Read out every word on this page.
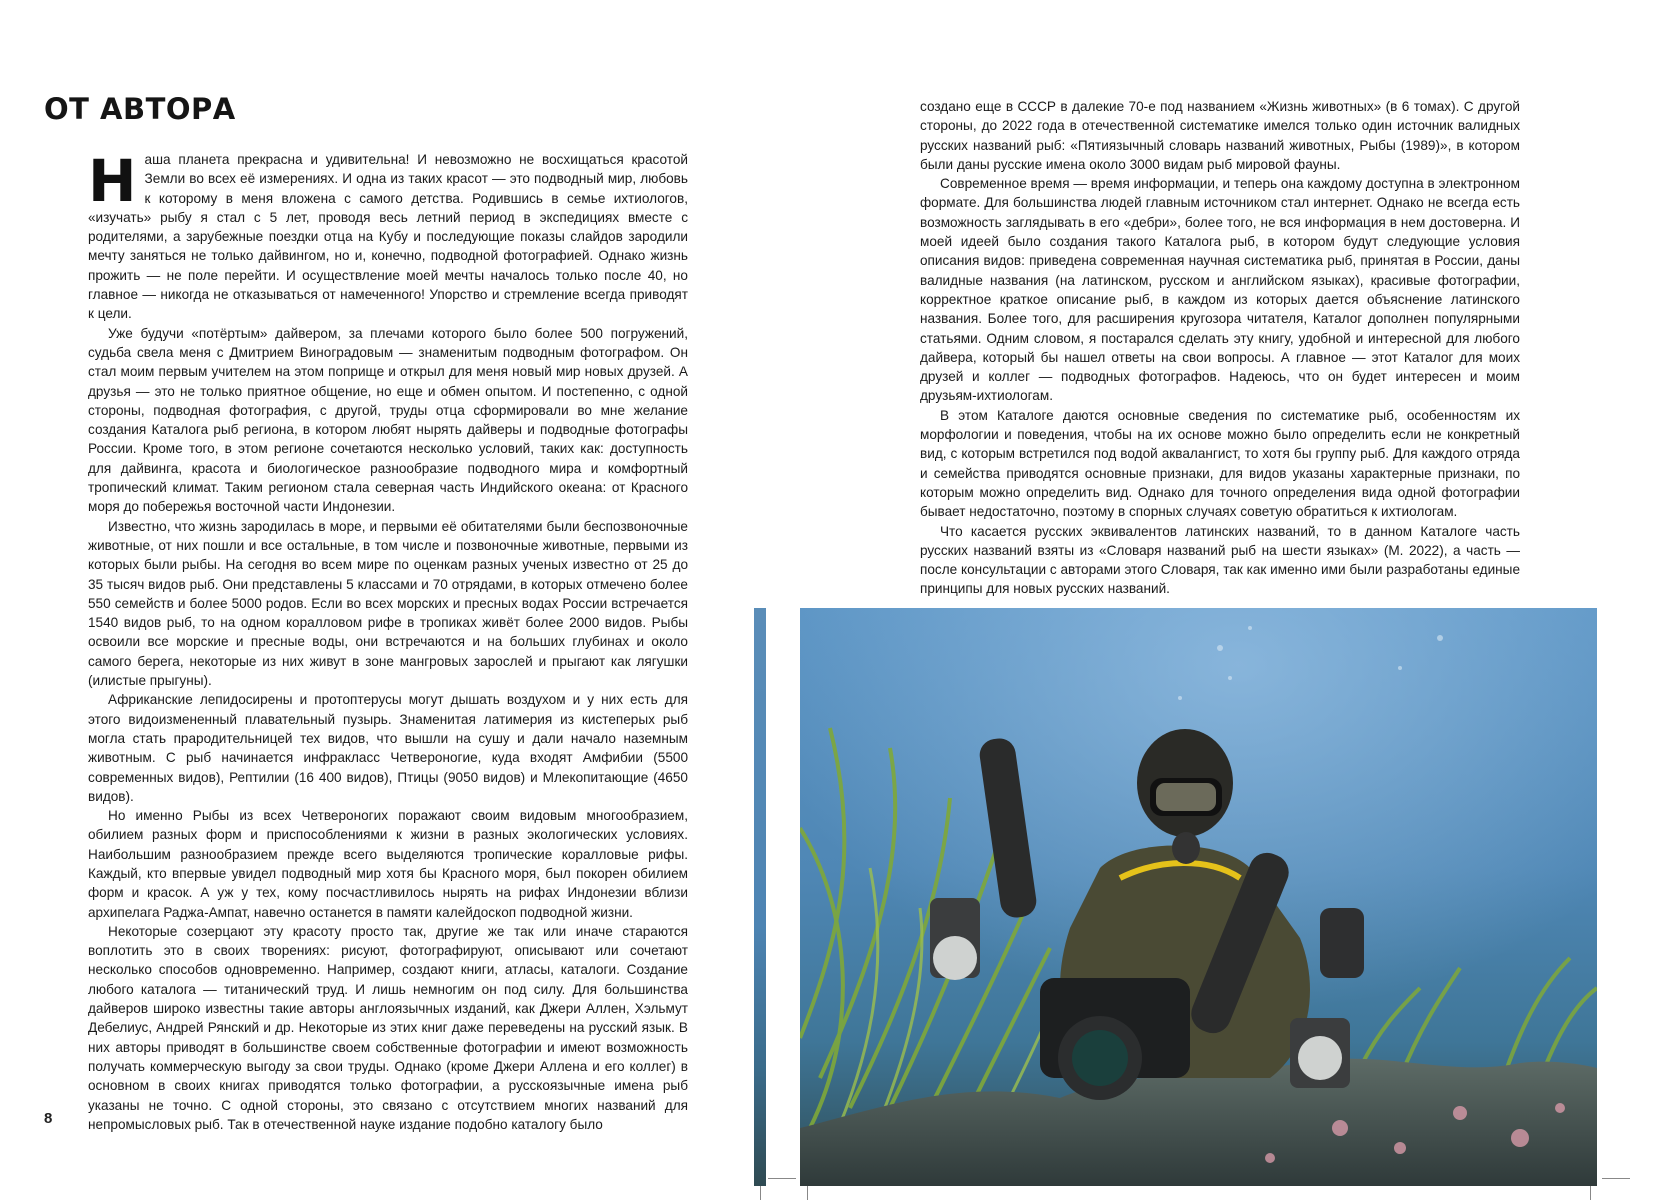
ОТ АВТОРА

Наша планета прекрасна и удивительна! И невозможно не восхищаться красотой Земли во всех её измерениях. И одна из таких красот — это подводный мир, любовь к которому в меня вложена с самого детства. Родившись в семье ихтиологов, «изучать» рыбу я стал с 5 лет, проводя весь летний период в экспедициях вместе с родителями, а зарубежные поездки отца на Кубу и последующие показы слайдов зародили мечту заняться не только дайвингом, но и, конечно, подводной фотографией. Однако жизнь прожить — не поле перейти. И осуществление моей мечты началось только после 40, но главное — никогда не отказываться от намеченного! Упорство и стремление всегда приводят к цели.

Уже будучи «потёртым» дайвером, за плечами которого было более 500 погружений, судьба свела меня с Дмитрием Виноградовым — знаменитым подводным фотографом. Он стал моим первым учителем на этом поприще и открыл для меня новый мир новых друзей. А друзья — это не только приятное общение, но еще и обмен опытом. И постепенно, с одной стороны, подводная фотография, с другой, труды отца сформировали во мне желание создания Каталога рыб региона, в котором любят нырять дайверы и подводные фотографы России. Кроме того, в этом регионе сочетаются несколько условий, таких как: доступность для дайвинга, красота и биологическое разнообразие подводного мира и комфортный тропический климат. Таким регионом стала северная часть Индийского океана: от Красного моря до побережья восточной части Индонезии.

Известно, что жизнь зародилась в море, и первыми её обитателями были беспозвоночные животные, от них пошли и все остальные, в том числе и позвоночные животные, первыми из которых были рыбы. На сегодня во всем мире по оценкам разных ученых известно от 25 до 35 тысяч видов рыб. Они представлены 5 классами и 70 отрядами, в которых отмечено более 550 семейств и более 5000 родов. Если во всех морских и пресных водах России встречается 1540 видов рыб, то на одном коралловом рифе в тропиках живёт более 2000 видов. Рыбы освоили все морские и пресные воды, они встречаются и на больших глубинах и около самого берега, некоторые из них живут в зоне мангровых зарослей и прыгают как лягушки (илистые прыгуны).

Африканские лепидосирены и протоптерусы могут дышать воздухом и у них есть для этого видоизмененный плавательный пузырь. Знаменитая латимерия из кистеперых рыб могла стать прародительницей тех видов, что вышли на сушу и дали начало наземным животным. С рыб начинается инфракласс Четвероногие, куда входят Амфибии (5500 современных видов), Рептилии (16 400 видов), Птицы (9050 видов) и Млекопитающие (4650 видов).

Но именно Рыбы из всех Четвероногих поражают своим видовым многообразием, обилием разных форм и приспособлениями к жизни в разных экологических условиях. Наибольшим разнообразием прежде всего выделяются тропические коралловые рифы. Каждый, кто впервые увидел подводный мир хотя бы Красного моря, был покорен обилием форм и красок. А уж у тех, кому посчастливилось нырять на рифах Индонезии вблизи архипелага Раджа-Ампат, навечно останется в памяти калейдоскоп подводной жизни.

Некоторые созерцают эту красоту просто так, другие же так или иначе стараются воплотить это в своих творениях: рисуют, фотографируют, описывают или сочетают несколько способов одновременно. Например, создают книги, атласы, каталоги. Создание любого каталога — титанический труд. И лишь немногим он под силу. Для большинства дайверов широко известны такие авторы англоязычных изданий, как Джери Аллен, Хэльмут Дебелиус, Андрей Рянский и др. Некоторые из этих книг даже переведены на русский язык. В них авторы приводят в большинстве своем собственные фотографии и имеют возможность получать коммерческую выгоду за свои труды. Однако (кроме Джери Аллена и его коллег) в основном в своих книгах приводятся только фотографии, а русскоязычные имена рыб указаны не точно. С одной стороны, это связано с отсутствием многих названий для непромысловых рыб. Так в отечественной науке издание подобно каталогу было

создано еще в СССР в далекие 70-е под названием «Жизнь животных» (в 6 томах). С другой стороны, до 2022 года в отечественной систематике имелся только один источник валидных русских названий рыб: «Пятиязычный словарь названий животных, Рыбы (1989)», в котором были даны русские имена около 3000 видам рыб мировой фауны.

Современное время — время информации, и теперь она каждому доступна в электронном формате. Для большинства людей главным источником стал интернет. Однако не всегда есть возможность заглядывать в его «дебри», более того, не вся информация в нем достоверна. И моей идеей было создания такого Каталога рыб, в котором будут следующие условия описания видов: приведена современная научная систематика рыб, принятая в России, даны валидные названия (на латинском, русском и английском языках), красивые фотографии, корректное краткое описание рыб, в каждом из которых дается объяснение латинского названия. Более того, для расширения кругозора читателя, Каталог дополнен популярными статьями. Одним словом, я постарался сделать эту книгу, удобной и интересной для любого дайвера, который бы нашел ответы на свои вопросы. А главное — этот Каталог для моих друзей и коллег — подводных фотографов. Надеюсь, что он будет интересен и моим друзьям-ихтиологам.

В этом Каталоге даются основные сведения по систематике рыб, особенностям их морфологии и поведения, чтобы на их основе можно было определить если не конкретный вид, с которым встретился под водой аквалангист, то хотя бы группу рыб. Для каждого отряда и семейства приводятся основные признаки, для видов указаны характерные признаки, по которым можно определить вид. Однако для точного определения вида одной фотографии бывает недостаточно, поэтому в спорных случаях советую обратиться к ихтиологам.

Что касается русских эквивалентов латинских названий, то в данном Каталоге часть русских названий взяты из «Словаря названий рыб на шести языках» (М. 2022), а часть — после консультации с авторами этого Словаря, так как именно ими были разработаны единые принципы для новых русских названий.

8
